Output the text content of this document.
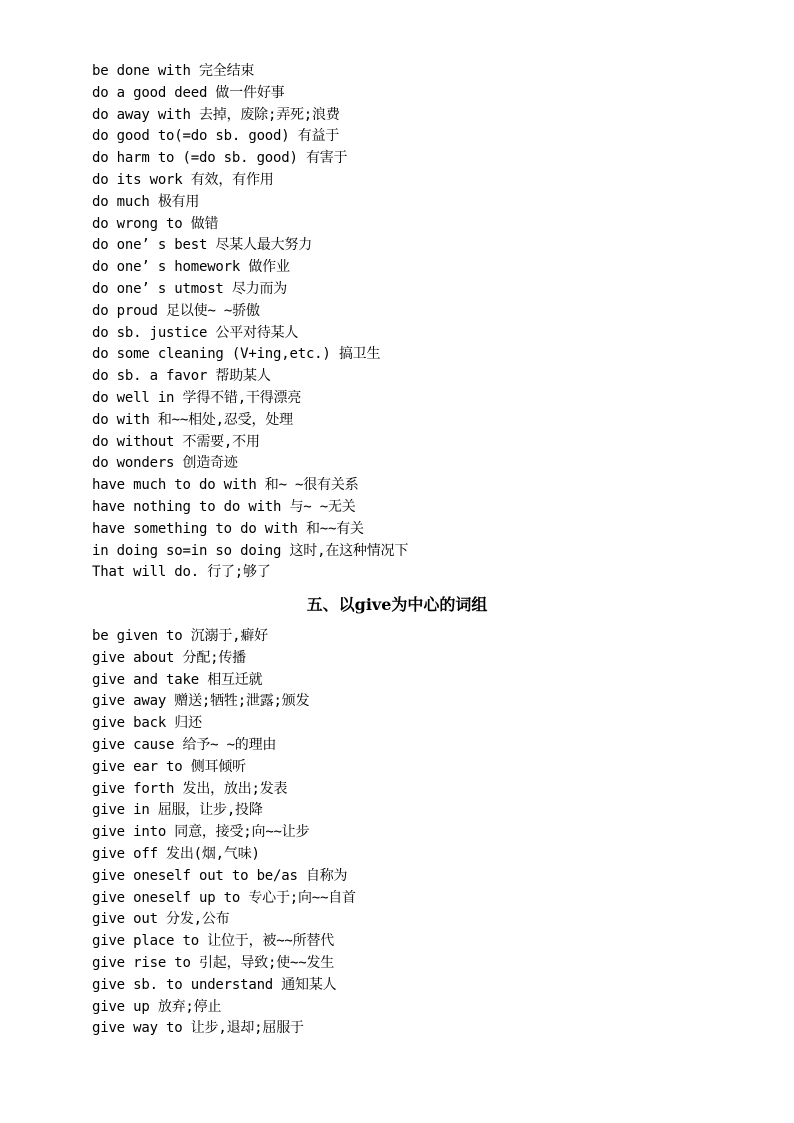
be done with 完全结束
do a good deed 做一件好事
do away with 去掉，废除;弄死;浪费
do good to(=do sb. good) 有益于
do harm to (=do sb. good) 有害于
do its work 有效，有作用
do much 极有用
do wrong to 做错
do one’ s best 尽某人最大努力
do one’ s homework 做作业
do one’ s utmost 尽力而为
do proud 足以使~ ~骄傲
do sb. justice 公平对待某人
do some cleaning (V+ing,etc.) 搞卫生
do sb. a favor 帮助某人
do well in 学得不错,干得漂亮
do with 和~~相处,忍受，处理
do without 不需要,不用
do wonders 创造奇迹
have much to do with 和~ ~很有关系
have nothing to do with 与~ ~无关
have something to do with 和~~有关
in doing so=in so doing 这时,在这种情况下
That will do. 行了;够了
五、以give为中心的词组
be given to 沉溺于,癖好
give about 分配;传播
give and take 相互迁就
give away 赠送;牺牲;泄露;颁发
give back 归还
give cause 给予~ ~的理由
give ear to 侧耳倾听
give forth 发出，放出;发表
give in 屈服，让步,投降
give into 同意，接受;向~~让步
give off 发出(烟,气味)
give oneself out to be/as 自称为
give oneself up to 专心于;向~~自首
give out 分发,公布
give place to 让位于，被~~所替代
give rise to 引起，导致;使~~发生
give sb. to understand 通知某人
give up 放弃;停止
give way to 让步,退却;屈服于
